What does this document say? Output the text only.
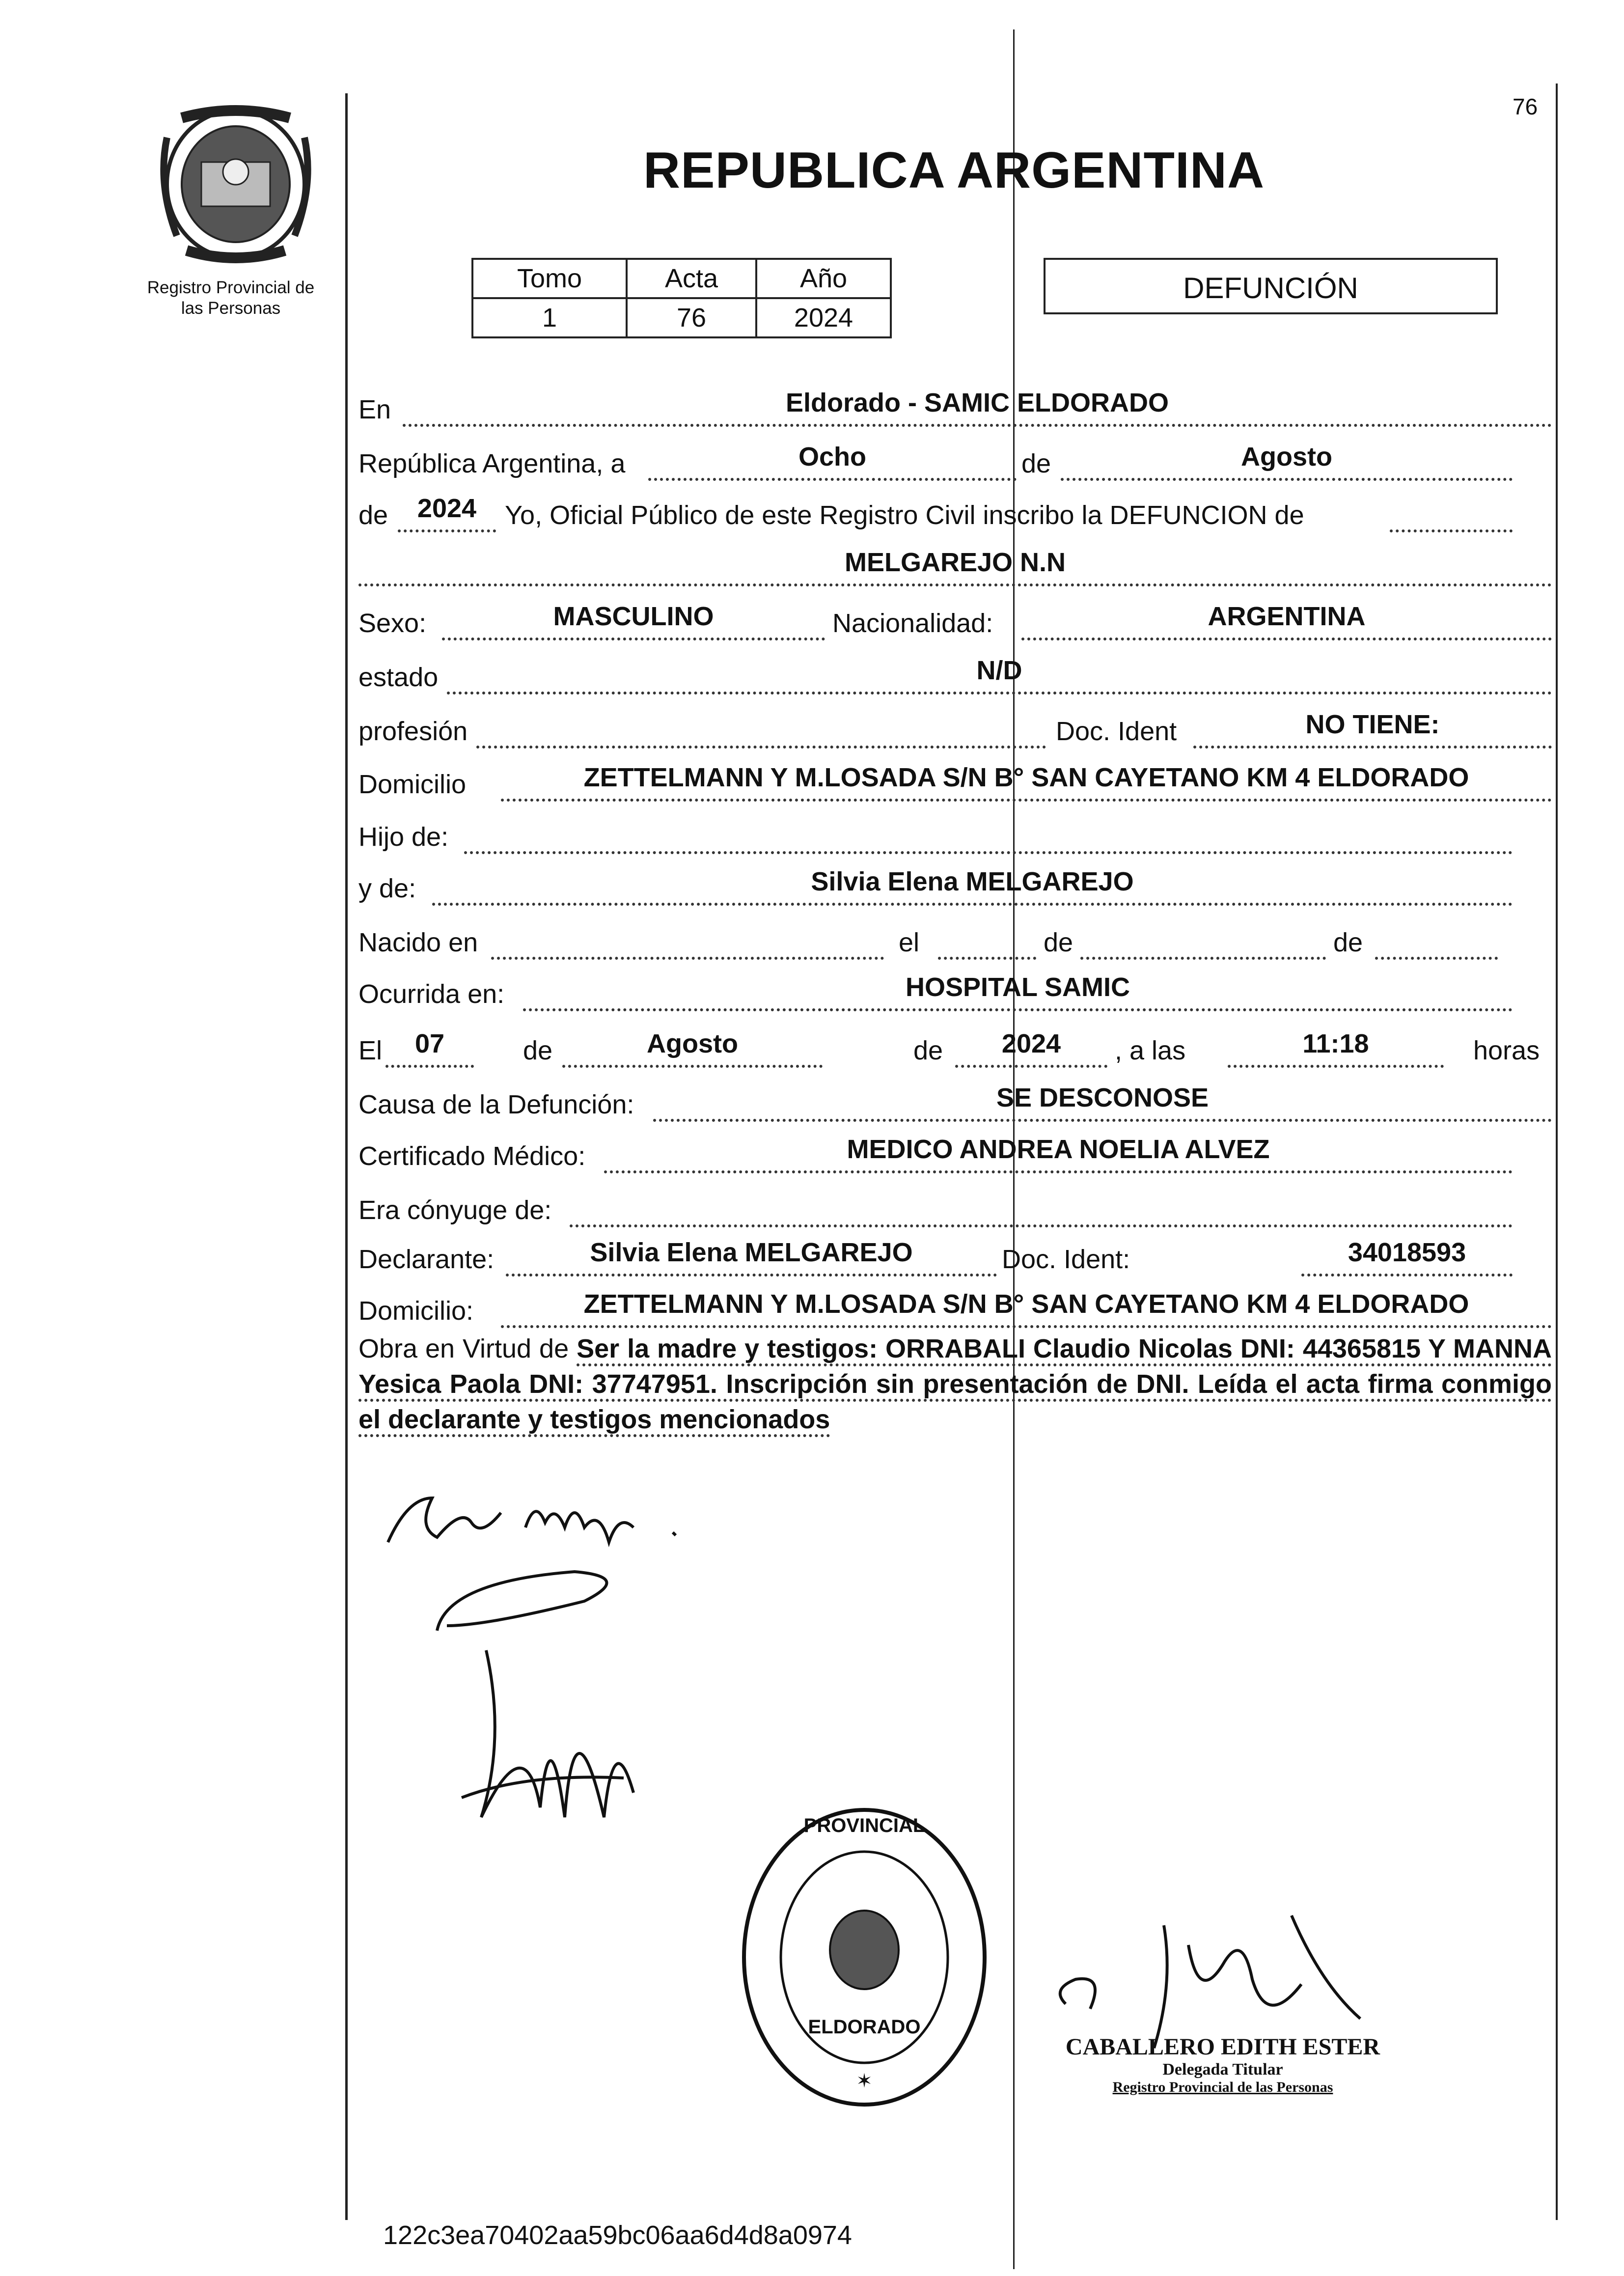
Registro Provincial de
las Personas
76
REPUBLICA ARGENTINA
Tomo	Acta	Año
1	76	2024
DEFUNCIÓN
En	Eldorado - SAMIC ELDORADO
República Argentina, a	Ocho	de	Agosto
de	2024	Yo, Oficial Público de este Registro Civil inscribo la DEFUNCION de
MELGAREJO N.N
Sexo:	MASCULINO	Nacionalidad:	ARGENTINA
estado	N/D
profesión	Doc. Ident	NO TIENE:
Domicilio	ZETTELMANN Y M.LOSADA S/N B° SAN CAYETANO KM 4 ELDORADO
Hijo de:
y de:	Silvia Elena MELGAREJO
Nacido en	el	de	de
Ocurrida en:	HOSPITAL SAMIC
El	07	de	Agosto	de	2024	, a las	11:18	horas
Causa de la Defunción:	SE DESCONOSE
Certificado Médico:	MEDICO ANDREA NOELIA ALVEZ
Era cónyuge de:
Declarante:	Silvia Elena MELGAREJO	Doc. Ident:	34018593
Domicilio:	ZETTELMANN Y M.LOSADA S/N B° SAN CAYETANO KM 4 ELDORADO
Obra en Virtud de Ser la madre y testigos: ORRABALI Claudio Nicolas DNI: 44365815 Y MANNA Yesica Paola DNI: 37747951. Inscripción sin presentación de DNI. Leída el acta firma conmigo el declarante y testigos mencionados
PROVINCIAL
ELDORADO
✶
CABALLERO EDITH ESTER
Delegada Titular
Registro Provincial de las Personas
122c3ea70402aa59bc06aa6d4d8a0974
